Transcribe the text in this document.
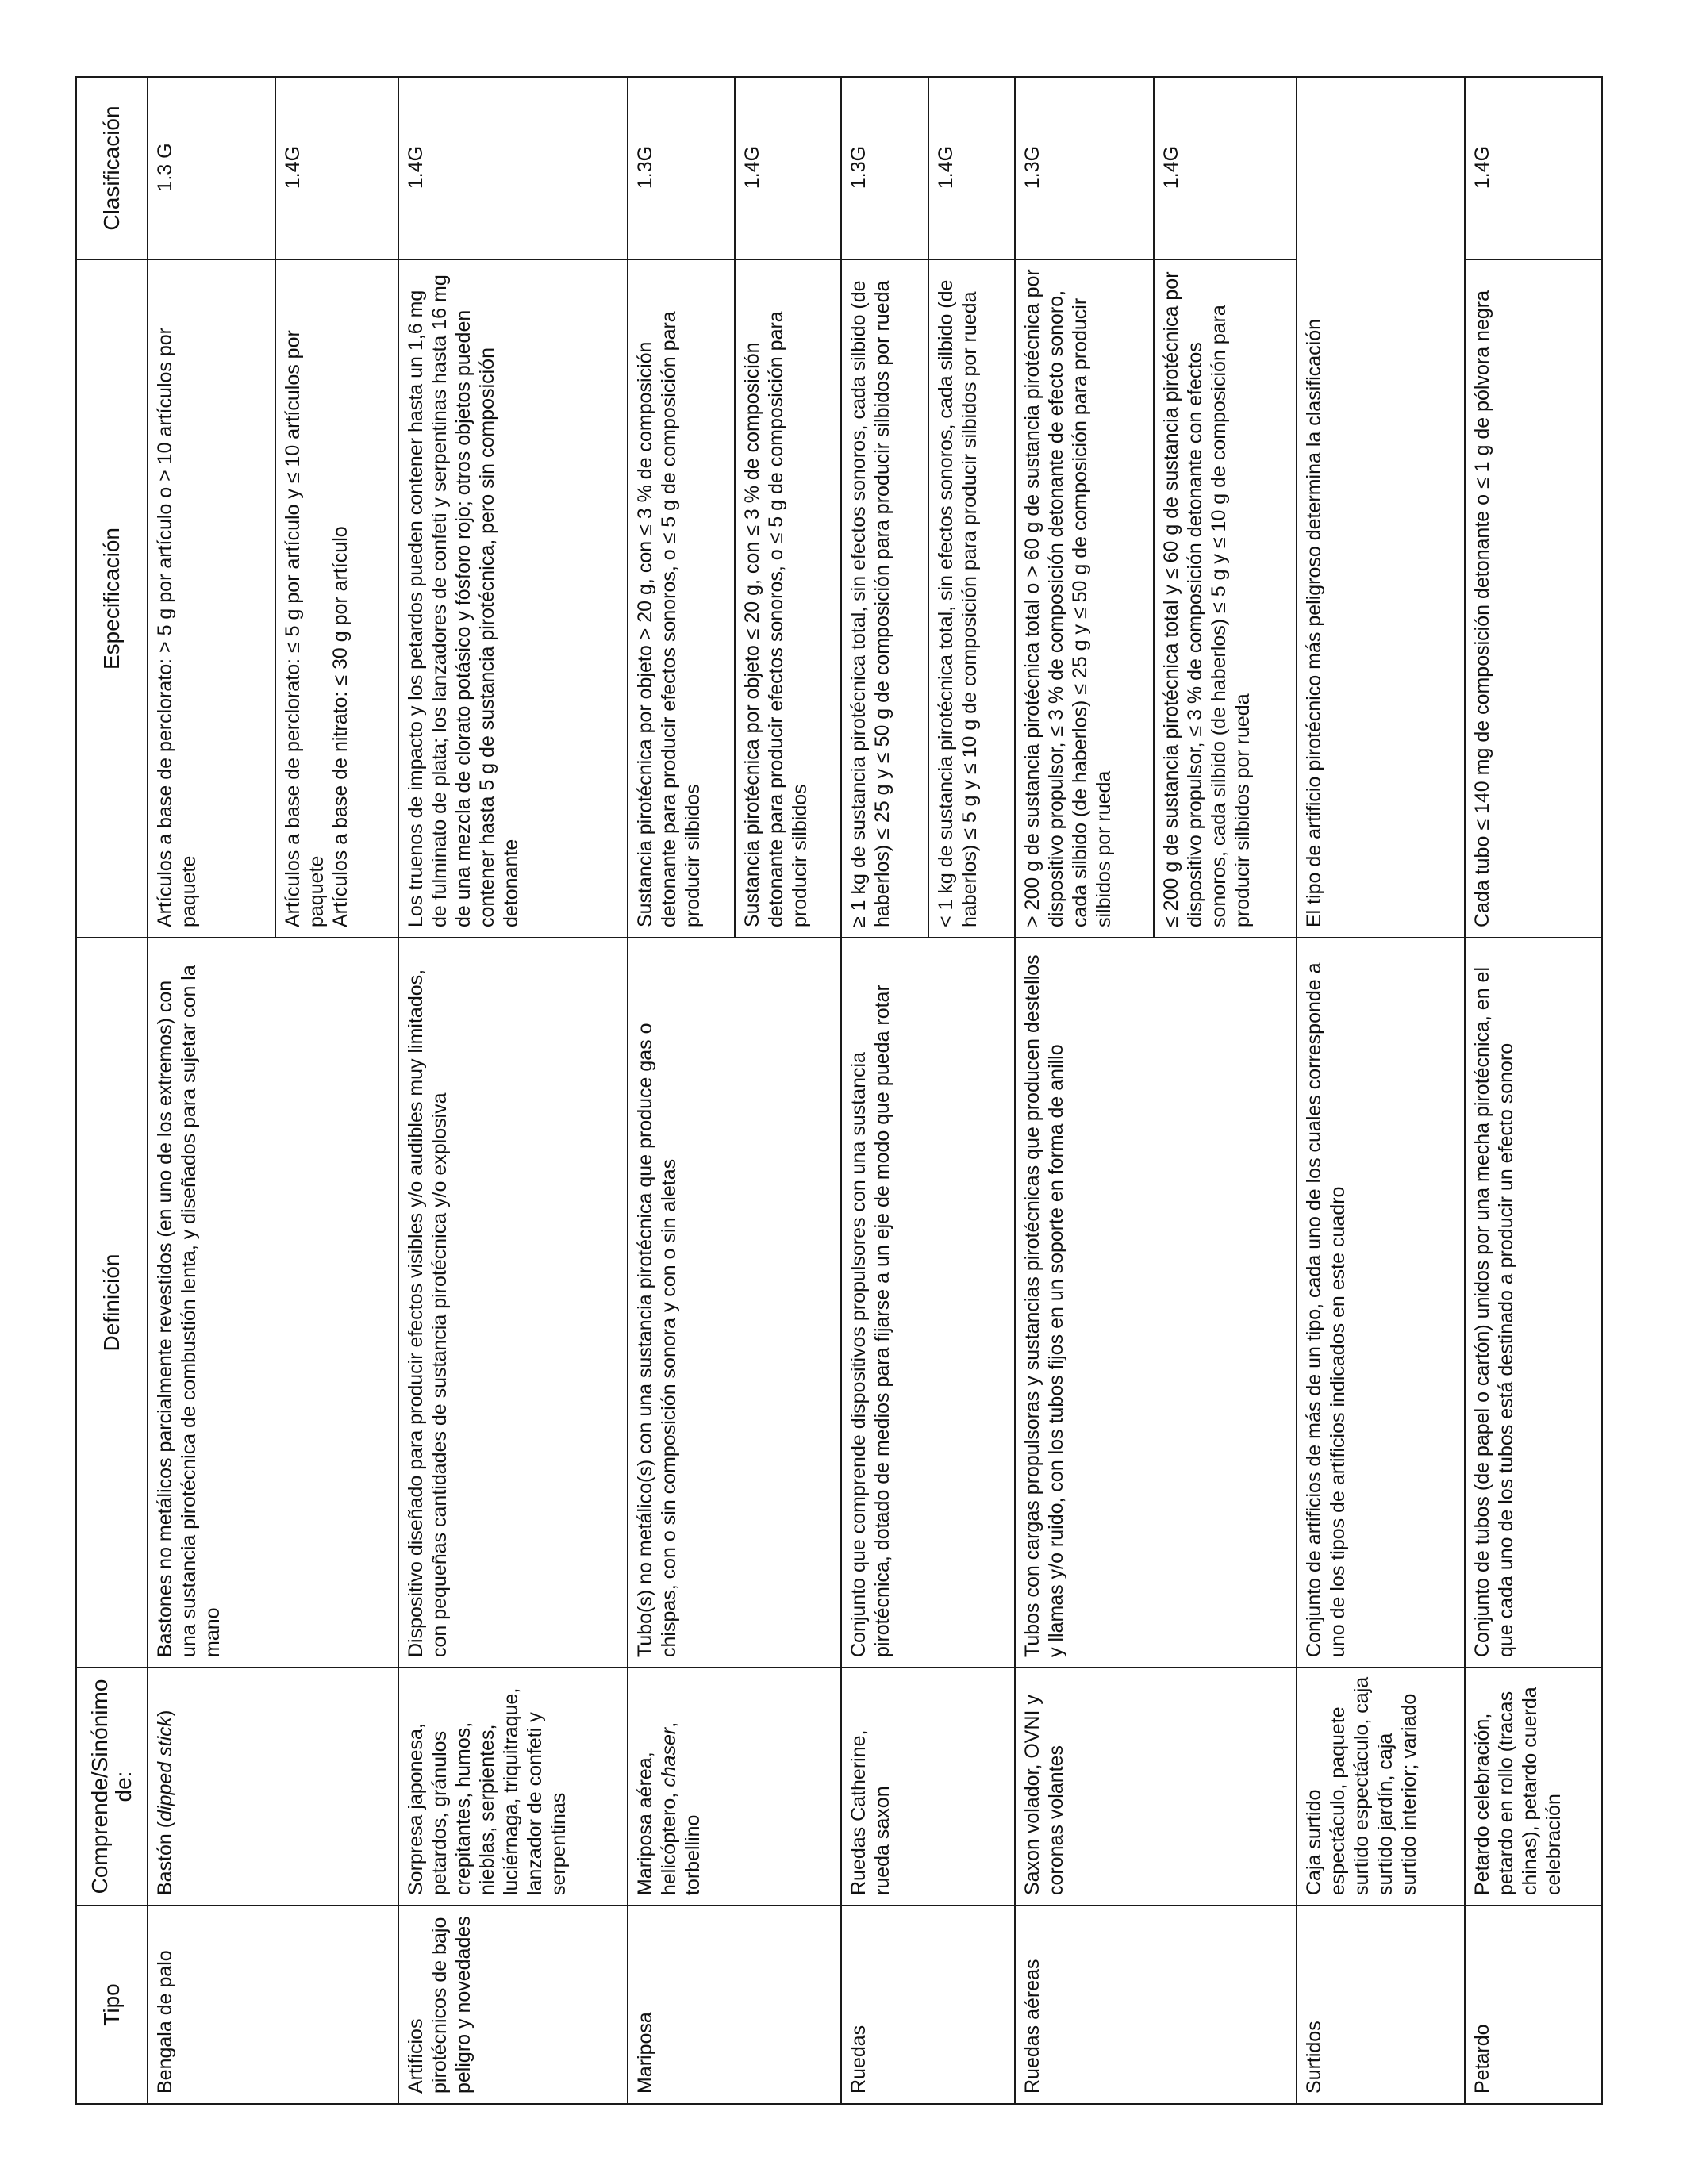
Tipo	Comprende/Sinónimo de:	Definición	Especificación	Clasificación
Bengala de palo	Bastón (dipped stick)	Bastones no metálicos parcialmente revestidos (en uno de los extremos) con una sustancia pirotécnica de combustión lenta, y diseñados para sujetar con la mano	Artículos a base de perclorato: > 5 g por artículo o > 10 artículos por paquete	1.3 G

			Artículos a base de perclorato: ≤ 5 g por artículo y ≤ 10 artículos por paquete Artículos a base de nitrato: ≤ 30 g por artículo	1.4G
Artificios pirotécnicos de bajo peligro y novedades	Sorpresa japonesa, petardos, gránulos crepitantes, humos, nieblas, serpientes, luciérnaga, triquitraque, lanzador de confeti y serpentinas	Dispositivo diseñado para producir efectos visibles y/o audibles muy limitados, con pequeñas cantidades de sustancia pirotécnica y/o explosiva	Los truenos de impacto y los petardos pueden contener hasta un 1,6 mg de fulminato de plata; los lanzadores de confeti y serpentinas hasta 16 mg de una mezcla de clorato potásico y fósforo rojo; otros objetos pueden contener hasta 5 g de sustancia pirotécnica, pero sin composición detonante	1.4G
Mariposa	Mariposa aérea, helicóptero, chaser, torbellino	Tubo(s) no metálico(s) con una sustancia pirotécnica que produce gas o chispas, con o sin composición sonora y con o sin aletas	Sustancia pirotécnica por objeto > 20 g, con ≤ 3 % de composición detonante para producir efectos sonoros, o ≤ 5 g de composición para producir silbidos	1.3G
			Sustancia pirotécnica por objeto ≤ 20 g, con ≤ 3 % de composición detonante para producir efectos sonoros, o ≤ 5 g de composición para producir silbidos	1.4G
Ruedas	Ruedas Catherine, rueda saxon	Conjunto que comprende dispositivos propulsores con una sustancia pirotécnica, dotado de medios para fijarse a un eje de modo que pueda rotar	≥ 1 kg de sustancia pirotécnica total, sin efectos sonoros, cada silbido (de haberlos) ≤ 25 g y ≤ 50 g de composición para producir silbidos por rueda	1.3G
			< 1 kg de sustancia pirotécnica total, sin efectos sonoros, cada silbido (de haberlos) ≤ 5 g y ≤ 10 g de composición para producir silbidos por rueda	1.4G
Ruedas aéreas	Saxon volador, OVNI y coronas volantes	Tubos con cargas propulsoras y sustancias pirotécnicas que producen destellos y llamas y/o ruido, con los tubos fijos en un soporte en forma de anillo	> 200 g de sustancia pirotécnica total o > 60 g de sustancia pirotécnica por dispositivo propulsor, ≤ 3 % de composición detonante de efecto sonoro, cada silbido (de haberlos) ≤ 25 g y ≤ 50 g de composición para producir silbidos por rueda	1.3G
			≤ 200 g de sustancia pirotécnica total y ≤ 60 g de sustancia pirotécnica por dispositivo propulsor, ≤ 3 % de composición detonante con efectos sonoros, cada silbido (de haberlos) ≤ 5 g y ≤ 10 g de composición para producir silbidos por rueda	1.4G
Surtidos	Caja surtido espectáculo, paquete surtido espectáculo, caja surtido jardín, caja surtido interior; variado	Conjunto de artificios de más de un tipo, cada uno de los cuales corresponde a uno de los tipos de artificios indicados en este cuadro	El tipo de artificio pirotécnico más peligroso determina la clasificación	
Petardo	Petardo celebración, petardo en rollo (tracas chinas), petardo cuerda celebración	Conjunto de tubos (de papel o cartón) unidos por una mecha pirotécnica, en el que cada uno de los tubos está destinado a producir un efecto sonoro	Cada tubo ≤ 140 mg de composición detonante o ≤ 1 g de pólvora negra	1.4G
